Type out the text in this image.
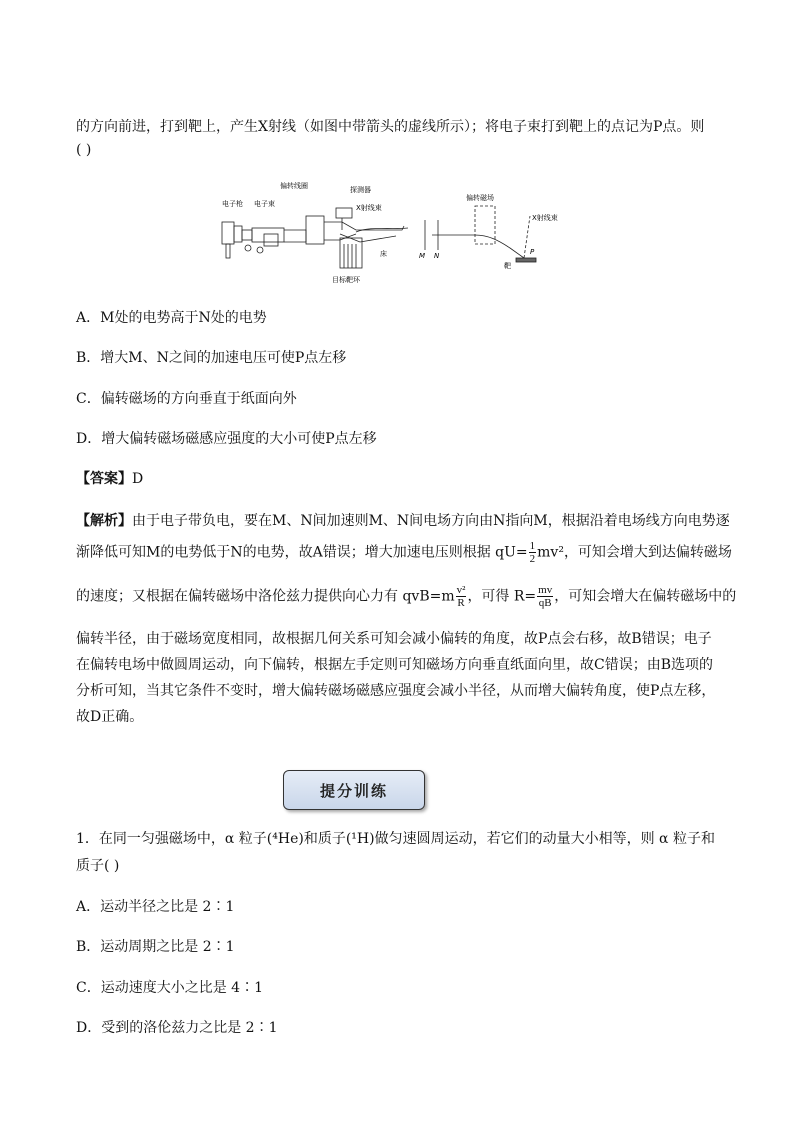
的方向前进，打到靶上，产生X射线（如图中带箭头的虚线所示）；将电子束打到靶上的点记为P点。则
( )
偏转线圈	探测器
X射线束
电子枪 电子束
床
目标靶环
偏转磁场
X射线束
M N	P
靶
A．M处的电势高于N处的电势
B．增大M、N之间的加速电压可使P点左移
C．偏转磁场的方向垂直于纸面向外
D．增大偏转磁场磁感应强度的大小可使P点左移
【答案】D
【解析】由于电子带负电，要在M、N间加速则M、N间电场方向由N指向M，根据沿着电场线方向电势逐
渐降低可知M的电势低于N的电势，故A错误；增大加速电压则根据 $qU= \frac{1}{2} mv^2$，可知会增大到达偏转磁场
的速度；又根据在偏转磁场中洛伦兹力提供向心力有 $qvB=m \frac{\text{v²}}{R}$ ，可得 $R= \frac{mv}{qB}$ ，可知会增大在偏转磁场中的
偏转半径，由于磁场宽度相同，故根据几何关系可知会减小偏转的角度，故P点会右移，故B错误；电子
在偏转电场中做圆周运动，向下偏转，根据左手定则可知磁场方向垂直纸面向里，故C错误；由B选项的
分析可知，当其它条件不变时，增大偏转磁场磁感应强度会减小半径，从而增大偏转角度，使P点左移，
故D正确。
提分训练
1．在同一匀强磁场中，α 粒子(⁴He)和质子(¹H)做匀速圆周运动，若它们的动量大小相等，则 α 粒子和
质子( )
A．运动半径之比是 2∶1
B．运动周期之比是 2∶1
C．运动速度大小之比是 4∶1
D．受到的洛伦兹力之比是 2∶1
